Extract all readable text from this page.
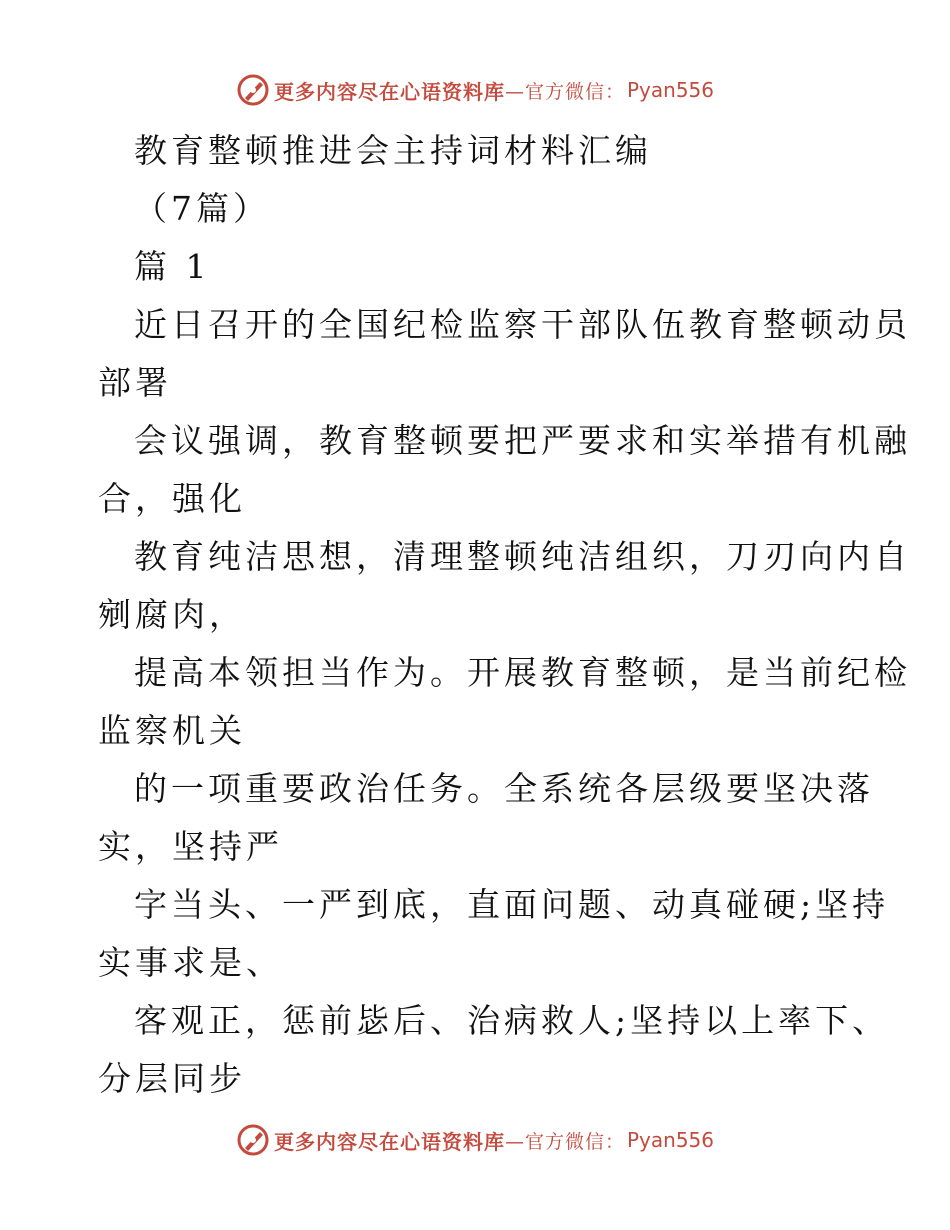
更多内容尽在心语资料库 —官方微信： Pyan556
教育整顿推进会主持词材料汇编
（7篇）
篇 1
近日召开的全国纪检监察干部队伍教育整顿动员
部署
会议强调，教育整顿要把严要求和实举措有机融
合，强化
教育纯洁思想，清理整顿纯洁组织，刀刃向内自
剜腐肉，
提高本领担当作为。开展教育整顿，是当前纪检
监察机关
的一项重要政治任务。全系统各层级要坚决落
实，坚持严
字当头、一严到底，直面问题、动真碰硬;坚持
实事求是、
客观正，惩前毖后、治病救人;坚持以上率下、
分层同步
更多内容尽在心语资料库 —官方微信： Pyan556
